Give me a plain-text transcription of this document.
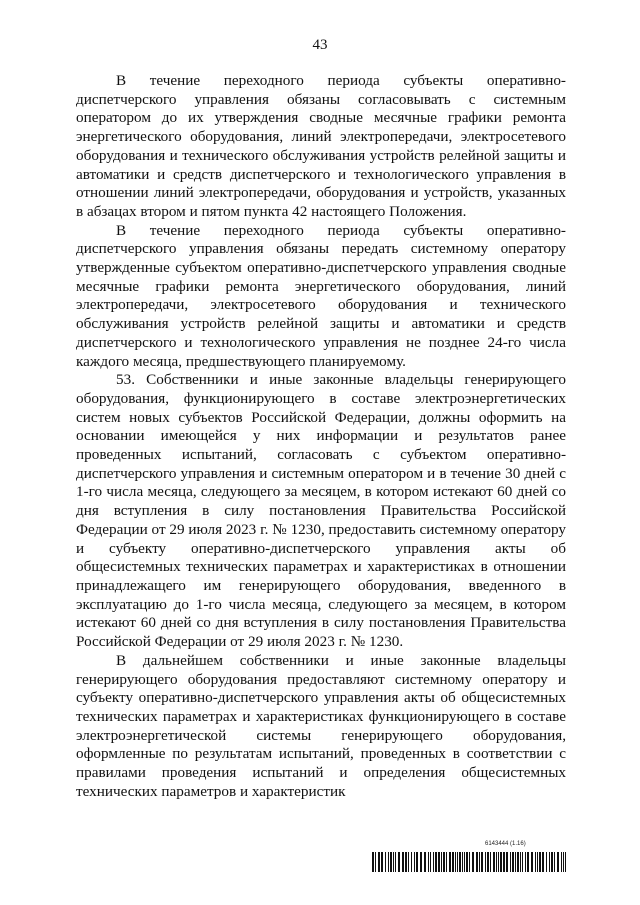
43

В течение переходного периода субъекты оперативно-диспетчерского управления обязаны согласовывать с системным оператором до их утверждения сводные месячные графики ремонта энергетического оборудования, линий электропередачи, электросетевого оборудования и технического обслуживания устройств релейной защиты и автоматики и средств диспетчерского и технологического управления в отношении линий электропередачи, оборудования и устройств, указанных в абзацах втором и пятом пункта 42 настоящего Положения.

В течение переходного периода субъекты оперативно-диспетчерского управления обязаны передать системному оператору утвержденные субъектом оперативно-диспетчерского управления сводные месячные графики ремонта энергетического оборудования, линий электропередачи, электросетевого оборудования и технического обслуживания устройств релейной защиты и автоматики и средств диспетчерского и технологического управления не позднее 24-го числа каждого месяца, предшествующего планируемому.

53. Собственники и иные законные владельцы генерирующего оборудования, функционирующего в составе электроэнергетических систем новых субъектов Российской Федерации, должны оформить на основании имеющейся у них информации и результатов ранее проведенных испытаний, согласовать с субъектом оперативно-диспетчерского управления и системным оператором и в течение 30 дней с 1-го числа месяца, следующего за месяцем, в котором истекают 60 дней со дня вступления в силу постановления Правительства Российской Федерации от 29 июля 2023 г. № 1230, предоставить системному оператору и субъекту оперативно-диспетчерского управления акты об общесистемных технических параметрах и характеристиках в отношении принадлежащего им генерирующего оборудования, введенного в эксплуатацию до 1-го числа месяца, следующего за месяцем, в котором истекают 60 дней со дня вступления в силу постановления Правительства Российской Федерации от 29 июля 2023 г. № 1230.

В дальнейшем собственники и иные законные владельцы генерирующего оборудования предоставляют системному оператору и субъекту оперативно-диспетчерского управления акты об общесистемных технических параметрах и характеристиках функционирующего в составе электроэнергетической системы генерирующего оборудования, оформленные по результатам испытаний, проведенных в соответствии с правилами проведения испытаний и определения общесистемных технических параметров и характеристик

6143444 (1.16)
